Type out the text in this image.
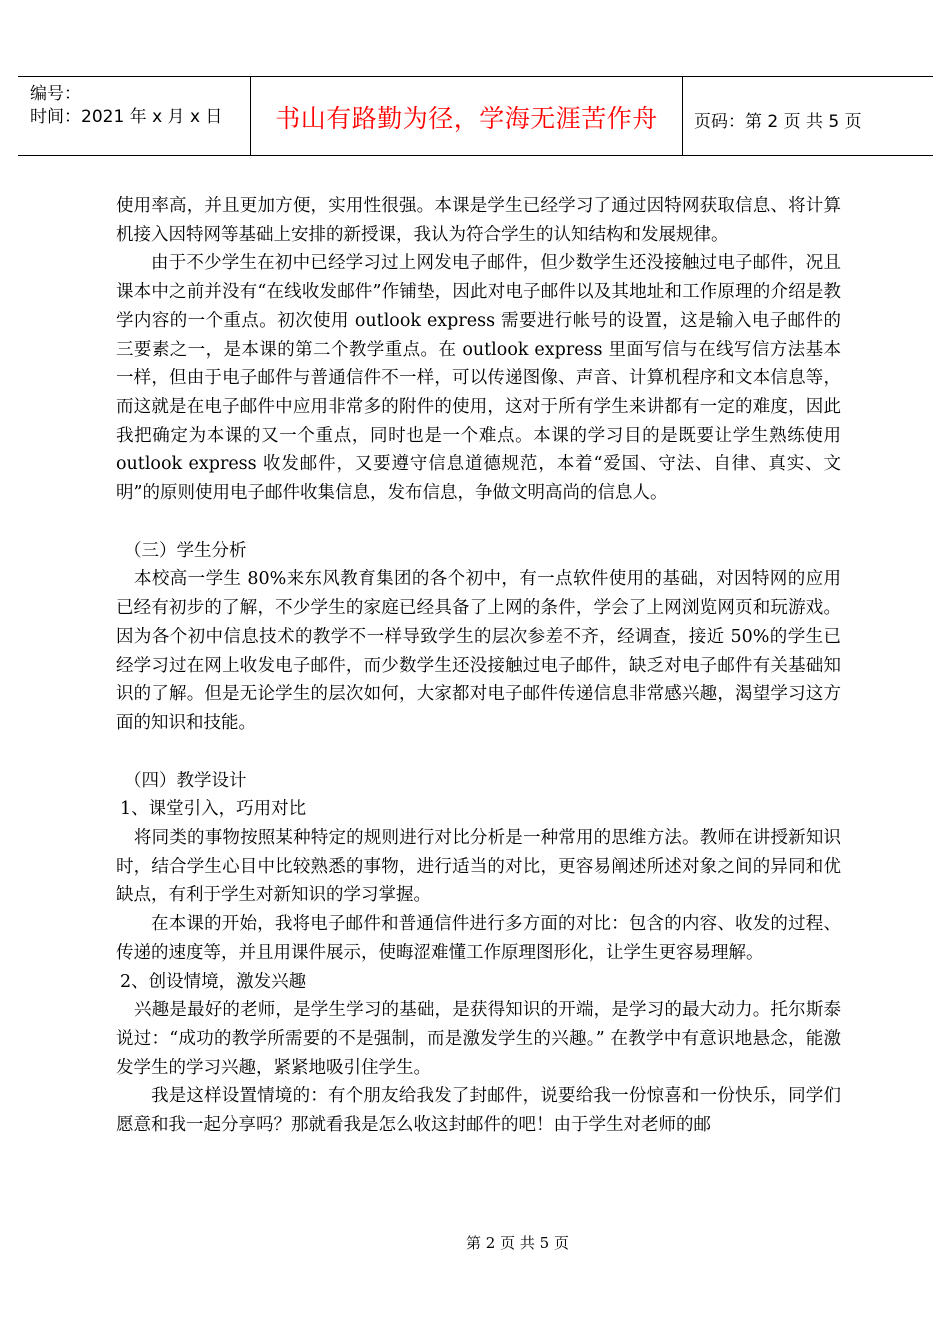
编号：
时间：2021 年 x 月 x 日	书山有路勤为径，学海无涯苦作舟	页码：第 2 页 共 5 页

使用率高，并且更加方便，实用性很强。本课是学生已经学习了通过因特网获取信息、将计算机接入因特网等基础上安排的新授课，我认为符合学生的认知结构和发展规律。

由于不少学生在初中已经学习过上网发电子邮件，但少数学生还没接触过电子邮件，况且课本中之前并没有“在线收发邮件”作铺垫，因此对电子邮件以及其地址和工作原理的介绍是教学内容的一个重点。初次使用 outlook express 需要进行帐号的设置，这是输入电子邮件的三要素之一，是本课的第二个教学重点。在 outlook express 里面写信与在线写信方法基本一样，但由于电子邮件与普通信件不一样，可以传递图像、声音、计算机程序和文本信息等，而这就是在电子邮件中应用非常多的附件的使用，这对于所有学生来讲都有一定的难度，因此我把确定为本课的又一个重点，同时也是一个难点。本课的学习目的是既要让学生熟练使用 outlook express 收发邮件，又要遵守信息道德规范，本着“爱国、守法、自律、真实、文明”的原则使用电子邮件收集信息，发布信息，争做文明高尚的信息人。

（三）学生分析

本校高一学生 80%来东风教育集团的各个初中，有一点软件使用的基础，对因特网的应用已经有初步的了解，不少学生的家庭已经具备了上网的条件，学会了上网浏览网页和玩游戏。因为各个初中信息技术的教学不一样导致学生的层次参差不齐，经调查，接近 50%的学生已经学习过在网上收发电子邮件，而少数学生还没接触过电子邮件，缺乏对电子邮件有关基础知识的了解。但是无论学生的层次如何，大家都对电子邮件传递信息非常感兴趣，渴望学习这方面的知识和技能。

（四）教学设计

1、课堂引入，巧用对比

将同类的事物按照某种特定的规则进行对比分析是一种常用的思维方法。教师在讲授新知识时，结合学生心目中比较熟悉的事物，进行适当的对比，更容易阐述所述对象之间的异同和优缺点，有利于学生对新知识的学习掌握。

在本课的开始，我将电子邮件和普通信件进行多方面的对比：包含的内容、收发的过程、传递的速度等，并且用课件展示，使晦涩难懂工作原理图形化，让学生更容易理解。

2、创设情境，激发兴趣

兴趣是最好的老师，是学生学习的基础，是获得知识的开端，是学习的最大动力。托尔斯泰说过：“成功的教学所需要的不是强制，而是激发学生的兴趣。” 在教学中有意识地悬念，能激发学生的学习兴趣，紧紧地吸引住学生。

我是这样设置情境的：有个朋友给我发了封邮件，说要给我一份惊喜和一份快乐，同学们愿意和我一起分享吗？那就看我是怎么收这封邮件的吧！由于学生对老师的邮

第 2 页 共 5 页
